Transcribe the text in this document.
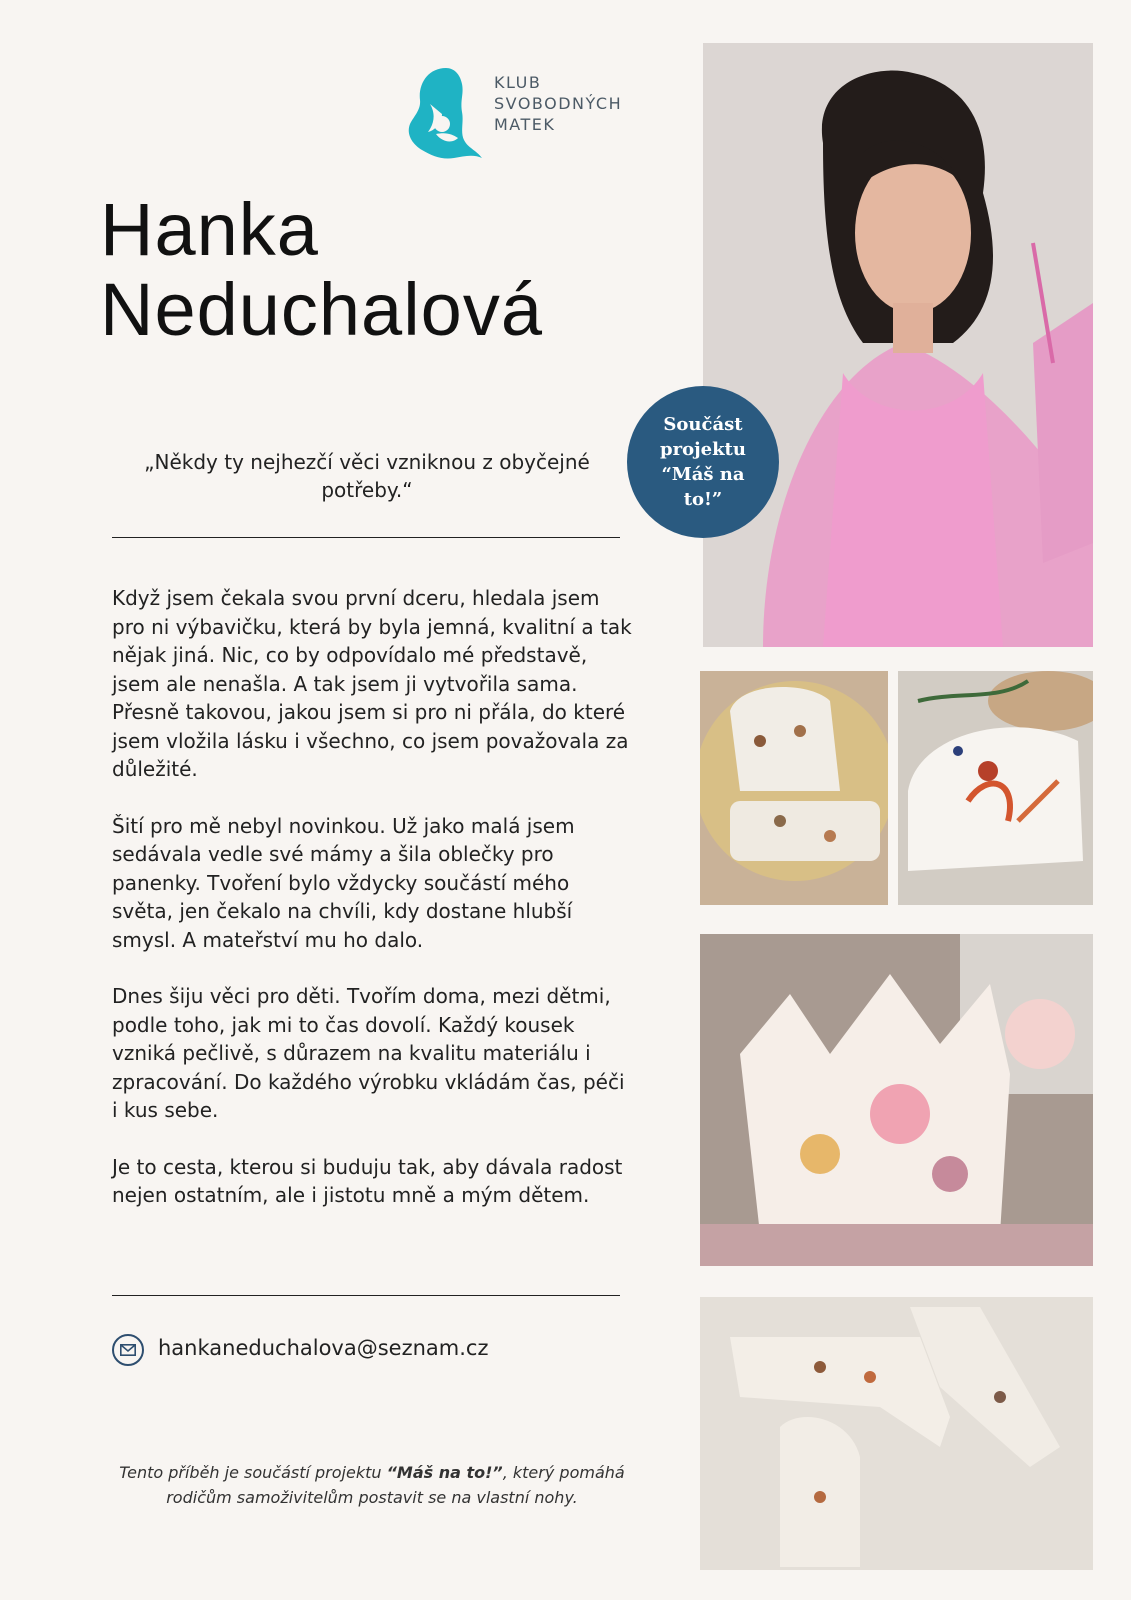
KLUB
SVOBODNÝCH
MATEK
Hanka
Neduchalová
„Někdy ty nejhezčí věci vzniknou z obyčejné potřeby.“

Když jsem čekala svou první dceru, hledala jsem pro ni výbavičku, která by byla jemná, kvalitní a tak nějak jiná. Nic, co by odpovídalo mé představě, jsem ale nenašla. A tak jsem ji vytvořila sama. Přesně takovou, jakou jsem si pro ni přála, do které jsem vložila lásku i všechno, co jsem považovala za důležité.

Šití pro mě nebyl novinkou. Už jako malá jsem sedávala vedle své mámy a šila oblečky pro panenky. Tvoření bylo vždycky součástí mého světa, jen čekalo na chvíli, kdy dostane hlubší smysl. A mateřství mu ho dalo.

Dnes šiju věci pro děti. Tvořím doma, mezi dětmi, podle toho, jak mi to čas dovolí. Každý kousek vzniká pečlivě, s důrazem na kvalitu materiálu i zpracování. Do každého výrobku vkládám čas, péči i kus sebe.

Je to cesta, kterou si buduju tak, aby dávala radost nejen ostatním, ale i jistotu mně a mým dětem.

hankaneduchalova@seznam.cz
Tento příběh je součástí projektu “Máš na to!”, který pomáhá rodičům samoživitelům postavit se na vlastní nohy.
Součást projektu “Máš na to!”
